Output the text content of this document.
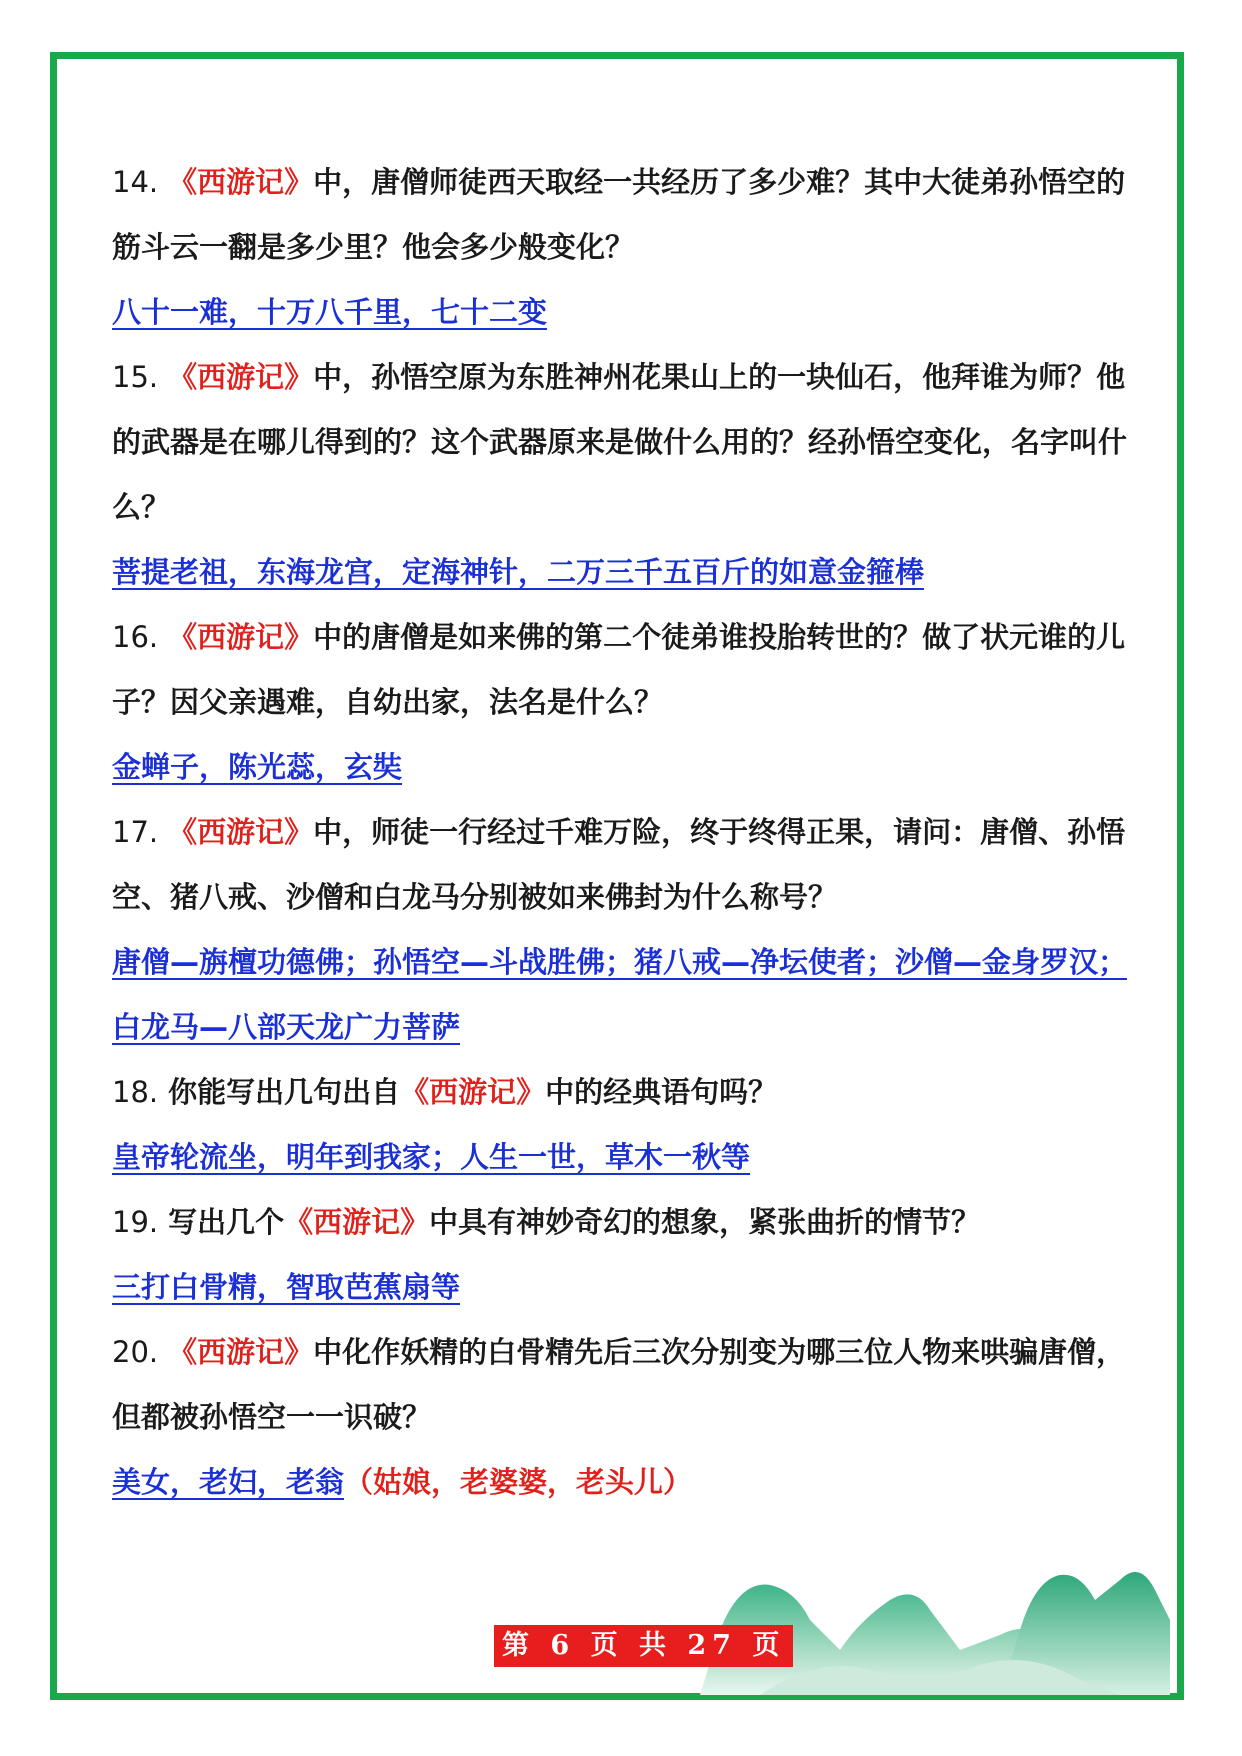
14. 《西游记》中，唐僧师徒西天取经一共经历了多少难？其中大徒弟孙悟空的筋斗云一翻是多少里？他会多少般变化？

八十一难，十万八千里，七十二变

15. 《西游记》中，孙悟空原为东胜神州花果山上的一块仙石，他拜谁为师？他的武器是在哪儿得到的？这个武器原来是做什么用的？经孙悟空变化，名字叫什么？

菩提老祖，东海龙宫，定海神针，二万三千五百斤的如意金箍棒

16. 《西游记》中的唐僧是如来佛的第二个徒弟谁投胎转世的？做了状元谁的儿子？因父亲遇难，自幼出家，法名是什么？

金蝉子，陈光蕊，玄奘

17. 《西游记》中，师徒一行经过千难万险，终于终得正果，请问：唐僧、孙悟空、猪八戒、沙僧和白龙马分别被如来佛封为什么称号？

唐僧—旃檀功德佛；孙悟空—斗战胜佛；猪八戒—净坛使者；沙僧—金身罗汉；白龙马—八部天龙广力菩萨

18. 你能写出几句出自《西游记》中的经典语句吗？

皇帝轮流坐，明年到我家；人生一世，草木一秋等

19. 写出几个《西游记》中具有神妙奇幻的想象，紧张曲折的情节？

三打白骨精，智取芭蕉扇等

20. 《西游记》中化作妖精的白骨精先后三次分别变为哪三位人物来哄骗唐僧，但都被孙悟空一一识破？

美女，老妇，老翁（姑娘，老婆婆，老头儿）

第 6 页 共 27 页
